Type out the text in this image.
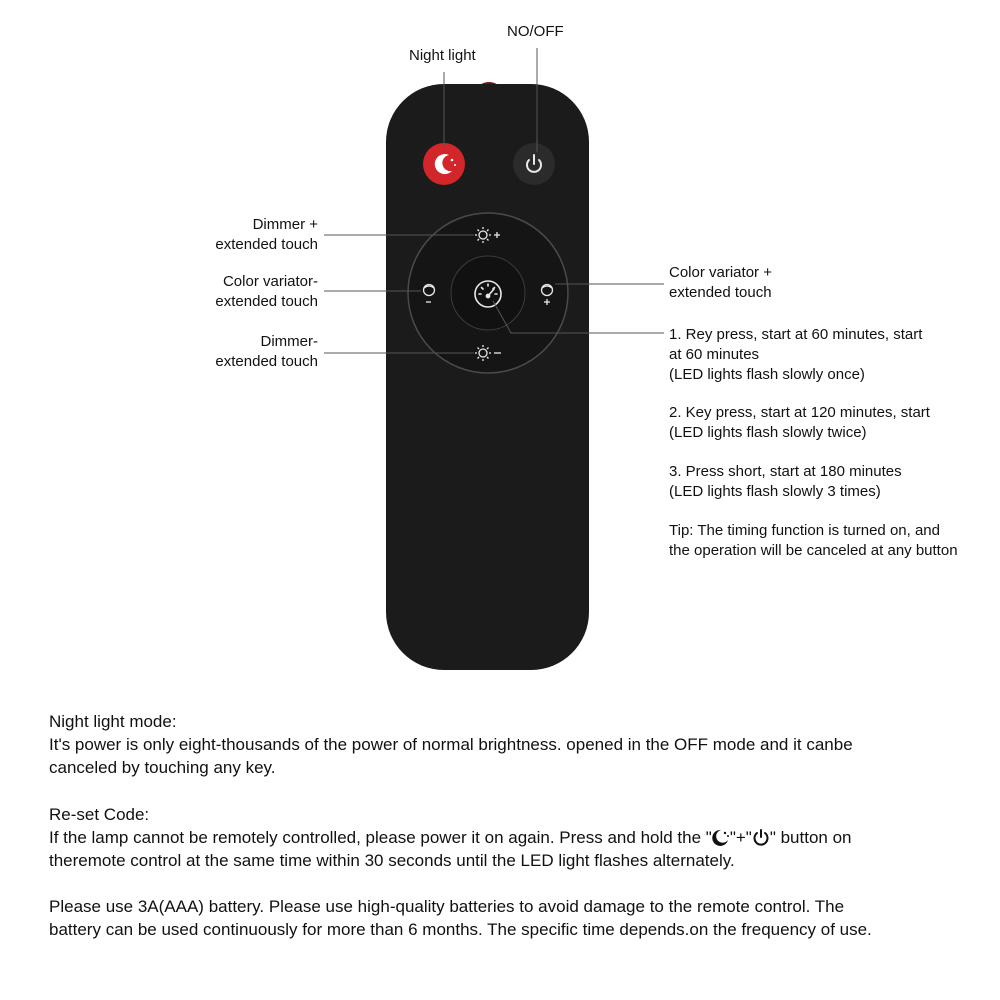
Night light
NO/OFF
Dimmer +
extended touch
Color variator-
extended touch
Dimmer-
extended touch
Color variator +
extended touch
1. Rey press, start at 60 minutes, start
at 60 minutes
(LED lights flash slowly once)
2. Key press, start at 120 minutes, start
(LED lights flash slowly twice)
3. Press short, start at 180 minutes
(LED lights flash slowly 3 times)
Tip: The timing function is turned on, and
the operation will be canceled at any button
Night light mode:
It's power is only eight-thousands of the power of normal brightness. opened in the OFF mode and it canbe
canceled by touching any key.
Re-set Code:
If the lamp cannot be remotely controlled, please power it on again. Press and hold the " "+" " button on
theremote control at the same time within 30 seconds until the LED light flashes alternately.
Please use 3A(AAA) battery. Please use high-quality batteries to avoid damage to the remote control. The
battery can be used continuously for more than 6 months. The specific time depends.on the frequency of use.
